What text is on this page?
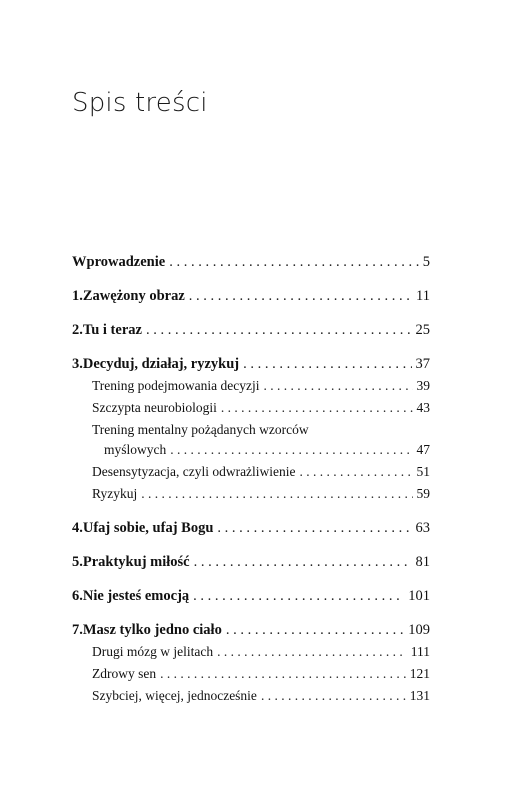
Spis treści
Wprowadzenie . . .	5
1. Zawężony obraz . . .	11
2. Tu i teraz . . .	25
3. Decyduj, działaj, ryzykuj . . .	37
Trening podejmowania decyzji . . .	39
Szczypta neurobiologii . . .	43
Trening mentalny pożądanych wzorców
myślowych . . .	47
Desensytyzacja, czyli odwrażliwienie . . .	51
Ryzykuj . . .	59
4. Ufaj sobie, ufaj Bogu . . .	63
5. Praktykuj miłość . . .	81
6. Nie jesteś emocją . . .	101
7. Masz tylko jedno ciało . . .	109
Drugi mózg w jelitach . . .	111
Zdrowy sen . . .	121
Szybciej, więcej, jednocześnie . . .	131
